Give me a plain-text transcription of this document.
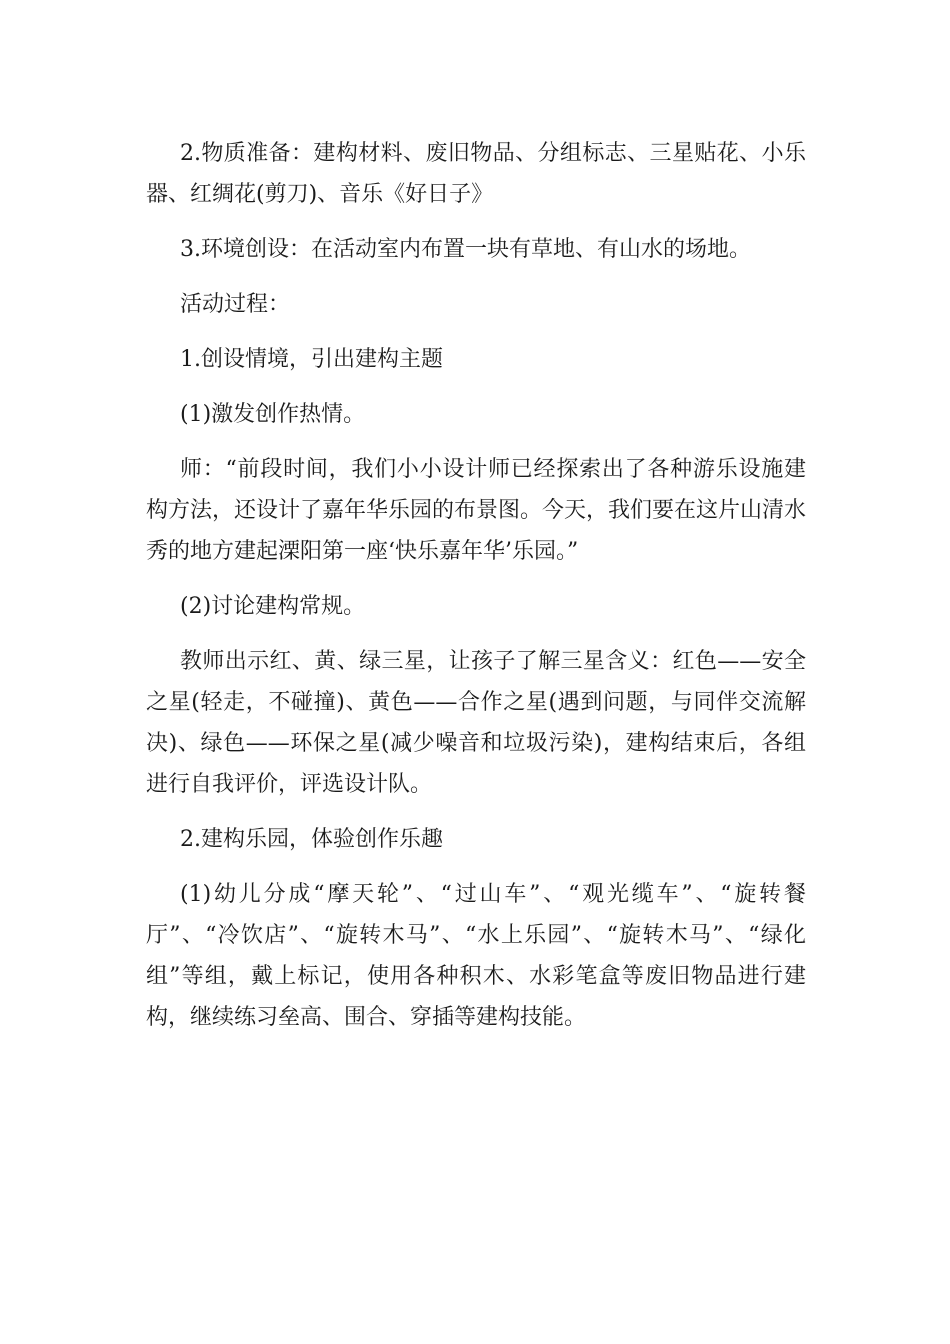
2.物质准备：建构材料、废旧物品、分组标志、三星贴花、小乐器、红绸花(剪刀)、音乐《好日子》

3.环境创设：在活动室内布置一块有草地、有山水的场地。

活动过程：

1.创设情境，引出建构主题

(1)激发创作热情。

师：“前段时间，我们小小设计师已经探索出了各种游乐设施建构方法，还设计了嘉年华乐园的布景图。今天，我们要在这片山清水秀的地方建起溧阳第一座‘快乐嘉年华’乐园。”

(2)讨论建构常规。

教师出示红、黄、绿三星，让孩子了解三星含义：红色——安全之星(轻走，不碰撞)、黄色——合作之星(遇到问题，与同伴交流解决)、绿色——环保之星(减少噪音和垃圾污染)，建构结束后，各组进行自我评价，评选设计队。

2.建构乐园，体验创作乐趣

(1)幼儿分成“摩天轮”、“过山车”、“观光缆车”、“旋转餐厅”、“冷饮店”、“旋转木马”、“水上乐园”、“旋转木马”、“绿化组”等组，戴上标记，使用各种积木、水彩笔盒等废旧物品进行建构，继续练习垒高、围合、穿插等建构技能。
